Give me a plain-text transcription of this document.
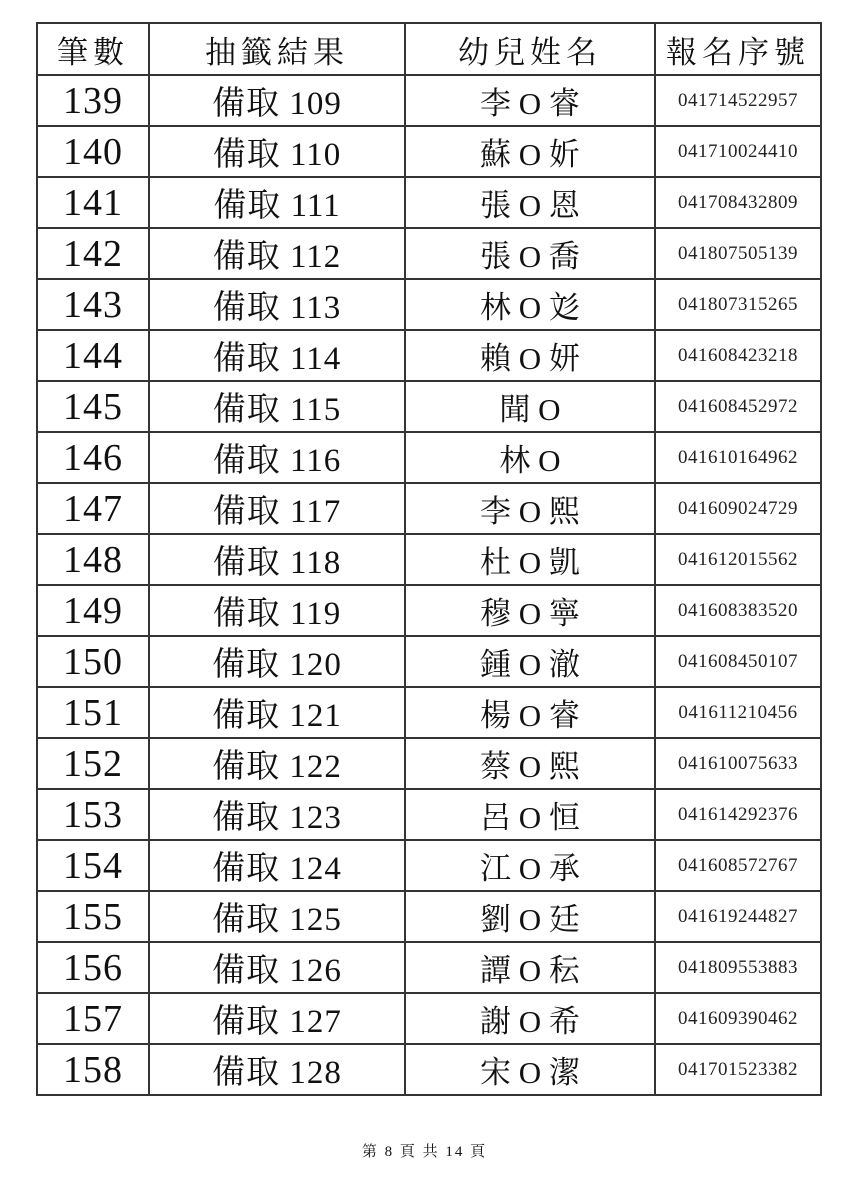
筆數	抽籤結果	幼兒姓名	報名序號
139	備取 109	李 O 睿	041714522957
140	備取 110	蘇 O 妡	041710024410
141	備取 111	張 O 恩	041708432809
142	備取 112	張 O 喬	041807505139
143	備取 113	林 O 彣	041807315265
144	備取 114	賴 O 妍	041608423218
145	備取 115	聞 O	041608452972
146	備取 116	林 O	041610164962
147	備取 117	李 O 熙	041609024729
148	備取 118	杜 O 凱	041612015562
149	備取 119	穆 O 寧	041608383520
150	備取 120	鍾 O 澈	041608450107
151	備取 121	楊 O 睿	041611210456
152	備取 122	蔡 O 熙	041610075633
153	備取 123	呂 O 恒	041614292376
154	備取 124	江 O 承	041608572767
155	備取 125	劉 O 廷	041619244827
156	備取 126	譚 O 秐	041809553883
157	備取 127	謝 O 希	041609390462
158	備取 128	宋 O 潔	041701523382
第 8 頁 共 14 頁
